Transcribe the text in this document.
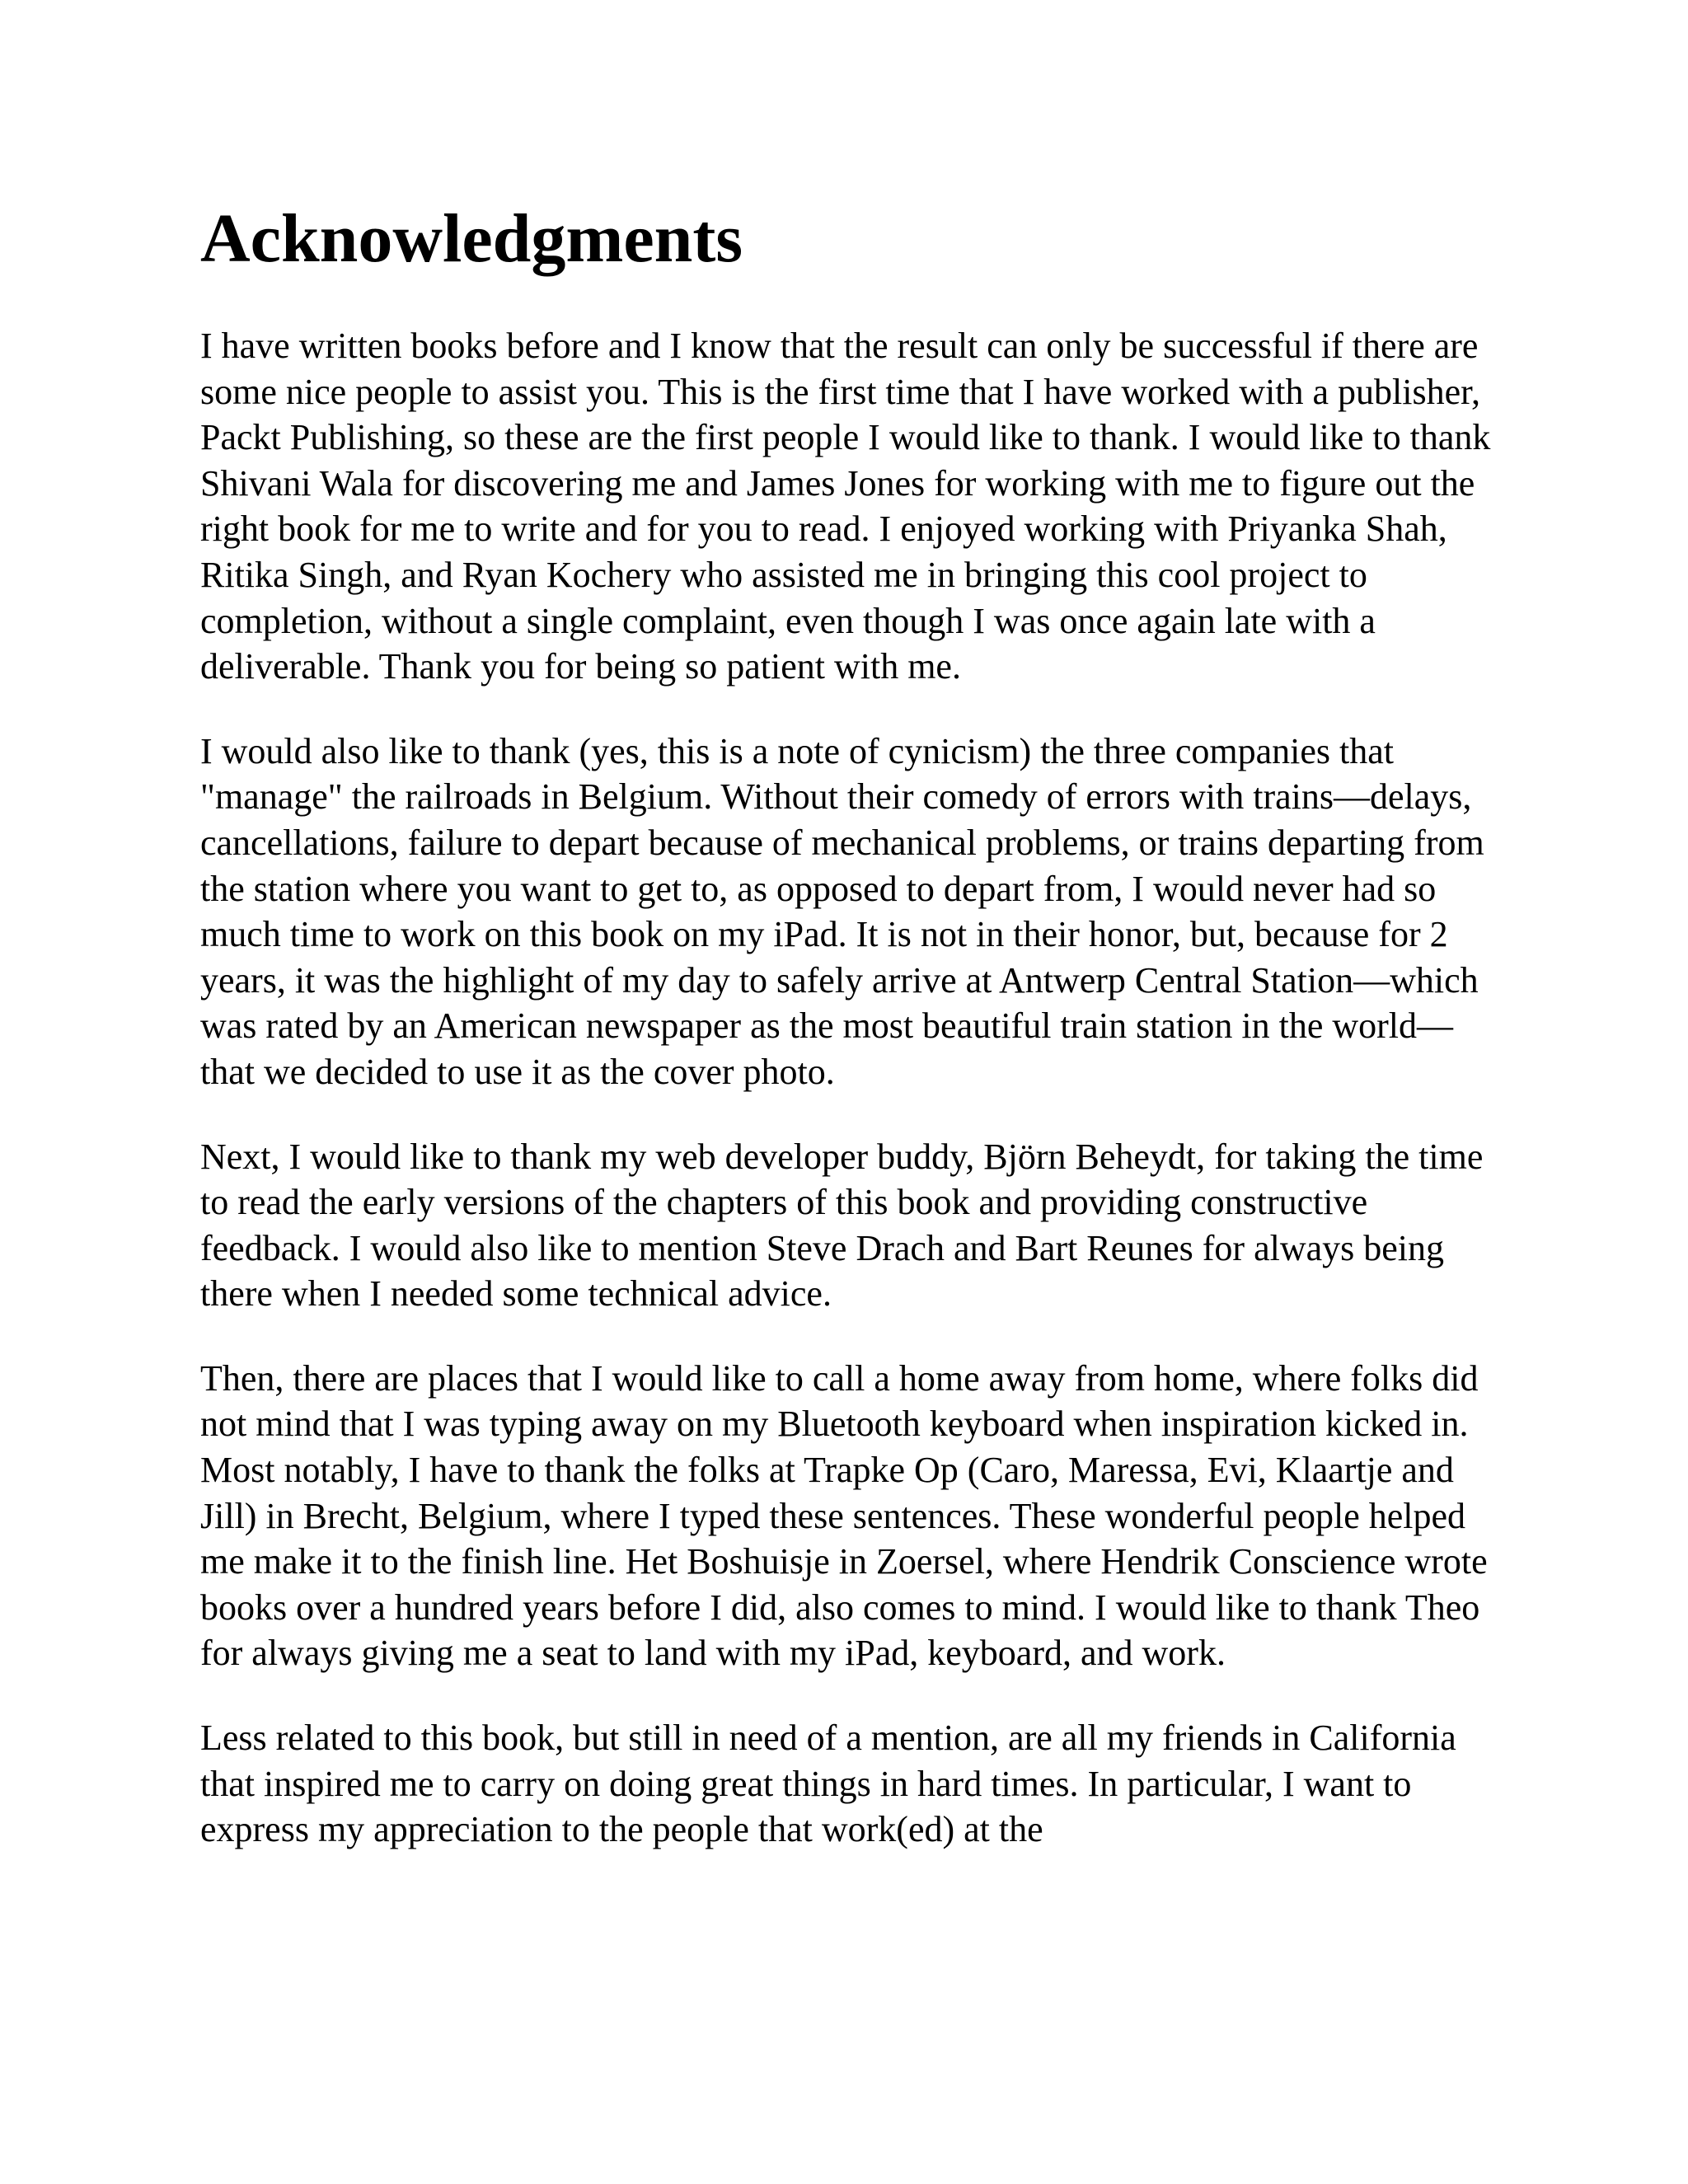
Acknowledgments

I have written books before and I know that the result can only be successful if there are some nice people to assist you. This is the first time that I have worked with a publisher, Packt Publishing, so these are the first people I would like to thank. I would like to thank Shivani Wala for discovering me and James Jones for working with me to figure out the right book for me to write and for you to read. I enjoyed working with Priyanka Shah, Ritika Singh, and Ryan Kochery who assisted me in bringing this cool project to completion, without a single complaint, even though I was once again late with a deliverable. Thank you for being so patient with me.

I would also like to thank (yes, this is a note of cynicism) the three companies that "manage" the railroads in Belgium. Without their comedy of errors with trains—delays, cancellations, failure to depart because of mechanical problems, or trains departing from the station where you want to get to, as opposed to depart from, I would never had so much time to work on this book on my iPad. It is not in their honor, but, because for 2 years, it was the highlight of my day to safely arrive at Antwerp Central Station—which was rated by an American newspaper as the most beautiful train station in the world—that we decided to use it as the cover photo.

Next, I would like to thank my web developer buddy, Björn Beheydt, for taking the time to read the early versions of the chapters of this book and providing constructive feedback. I would also like to mention Steve Drach and Bart Reunes for always being there when I needed some technical advice.

Then, there are places that I would like to call a home away from home, where folks did not mind that I was typing away on my Bluetooth keyboard when inspiration kicked in. Most notably, I have to thank the folks at Trapke Op (Caro, Maressa, Evi, Klaartje and Jill) in Brecht, Belgium, where I typed these sentences. These wonderful people helped me make it to the finish line. Het Boshuisje in Zoersel, where Hendrik Conscience wrote books over a hundred years before I did, also comes to mind. I would like to thank Theo for always giving me a seat to land with my iPad, keyboard, and work.

Less related to this book, but still in need of a mention, are all my friends in California that inspired me to carry on doing great things in hard times. In particular, I want to express my appreciation to the people that work(ed) at the
